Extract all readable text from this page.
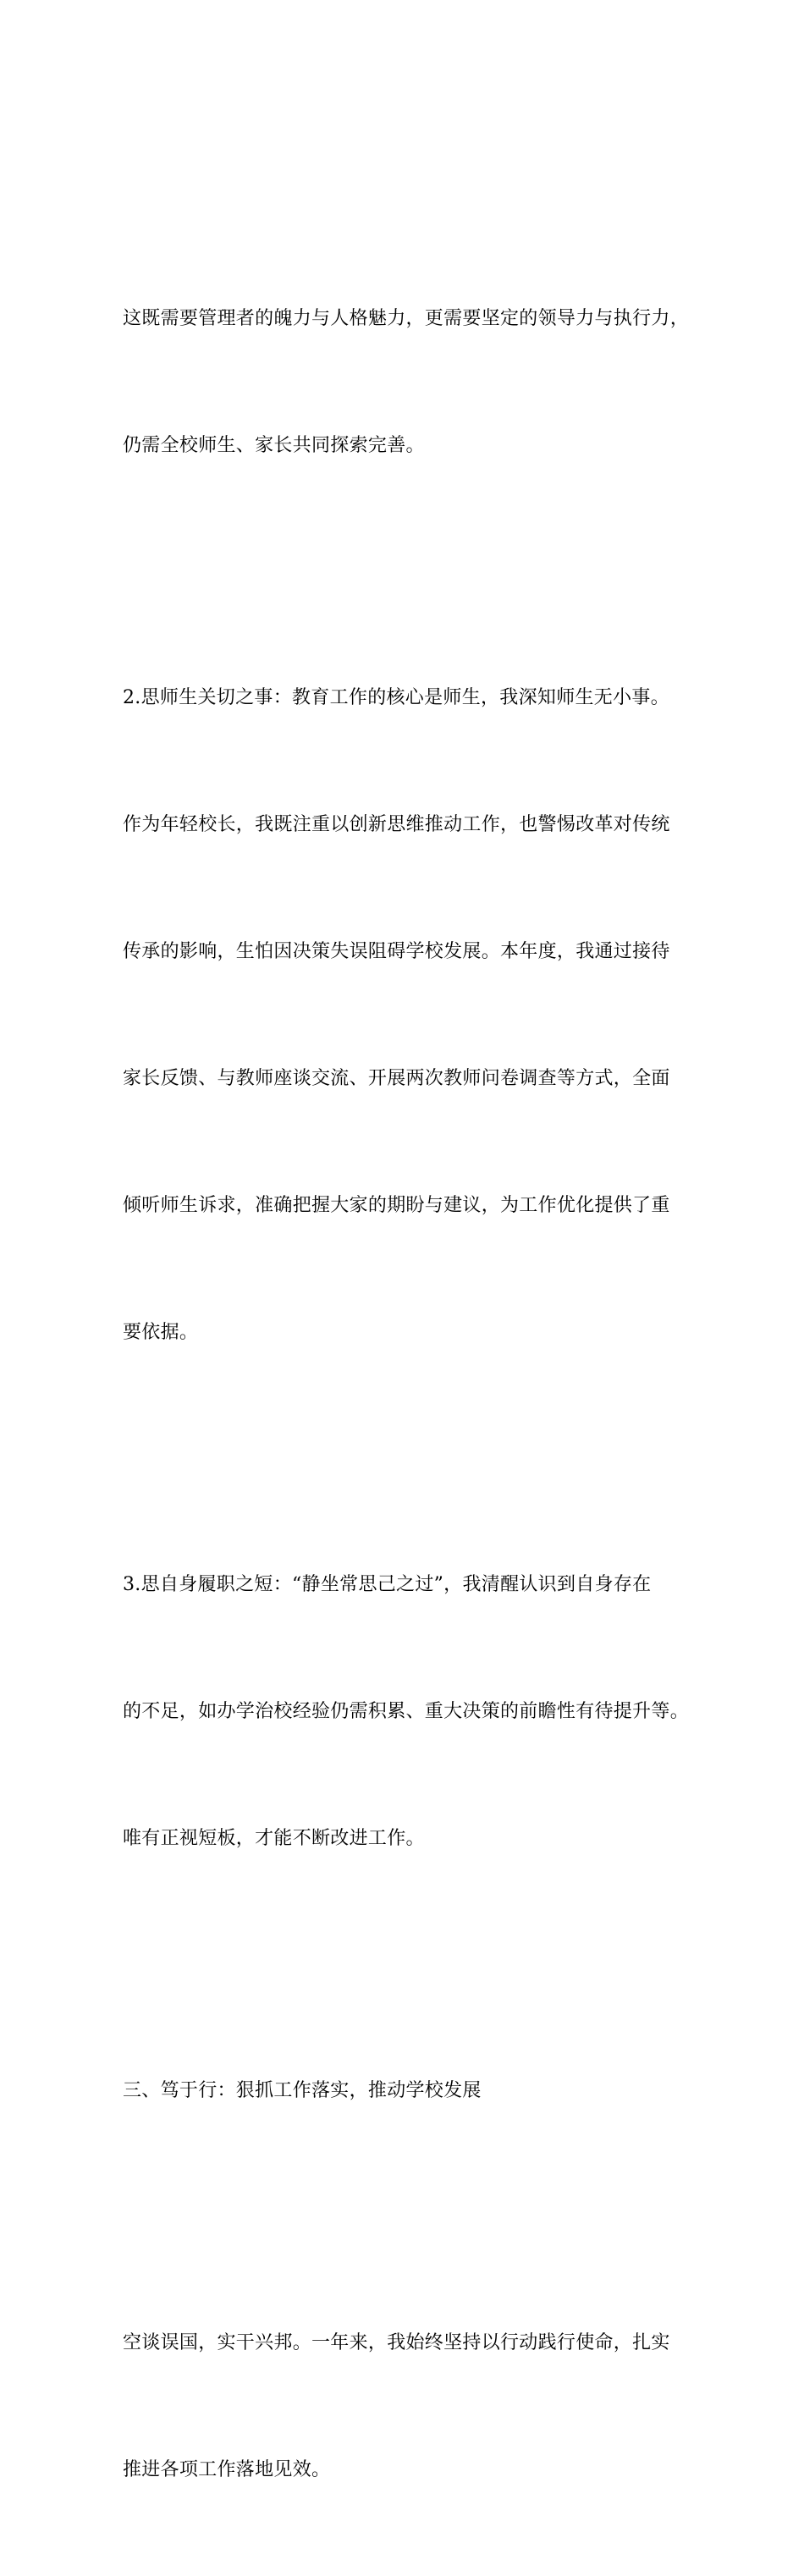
这既需要管理者的魄力与人格魅力，更需要坚定的领导力与执行力，

仍需全校师生、家长共同探索完善。

2.思师生关切之事：教育工作的核心是师生，我深知师生无小事。

作为年轻校长，我既注重以创新思维推动工作，也警惕改革对传统

传承的影响，生怕因决策失误阻碍学校发展。本年度，我通过接待

家长反馈、与教师座谈交流、开展两次教师问卷调查等方式，全面

倾听师生诉求，准确把握大家的期盼与建议，为工作优化提供了重

要依据。

3.思自身履职之短：“静坐常思己之过”，我清醒认识到自身存在

的不足，如办学治校经验仍需积累、重大决策的前瞻性有待提升等。

唯有正视短板，才能不断改进工作。

三、笃于行：狠抓工作落实，推动学校发展

空谈误国，实干兴邦。一年来，我始终坚持以行动践行使命，扎实

推进各项工作落地见效。
